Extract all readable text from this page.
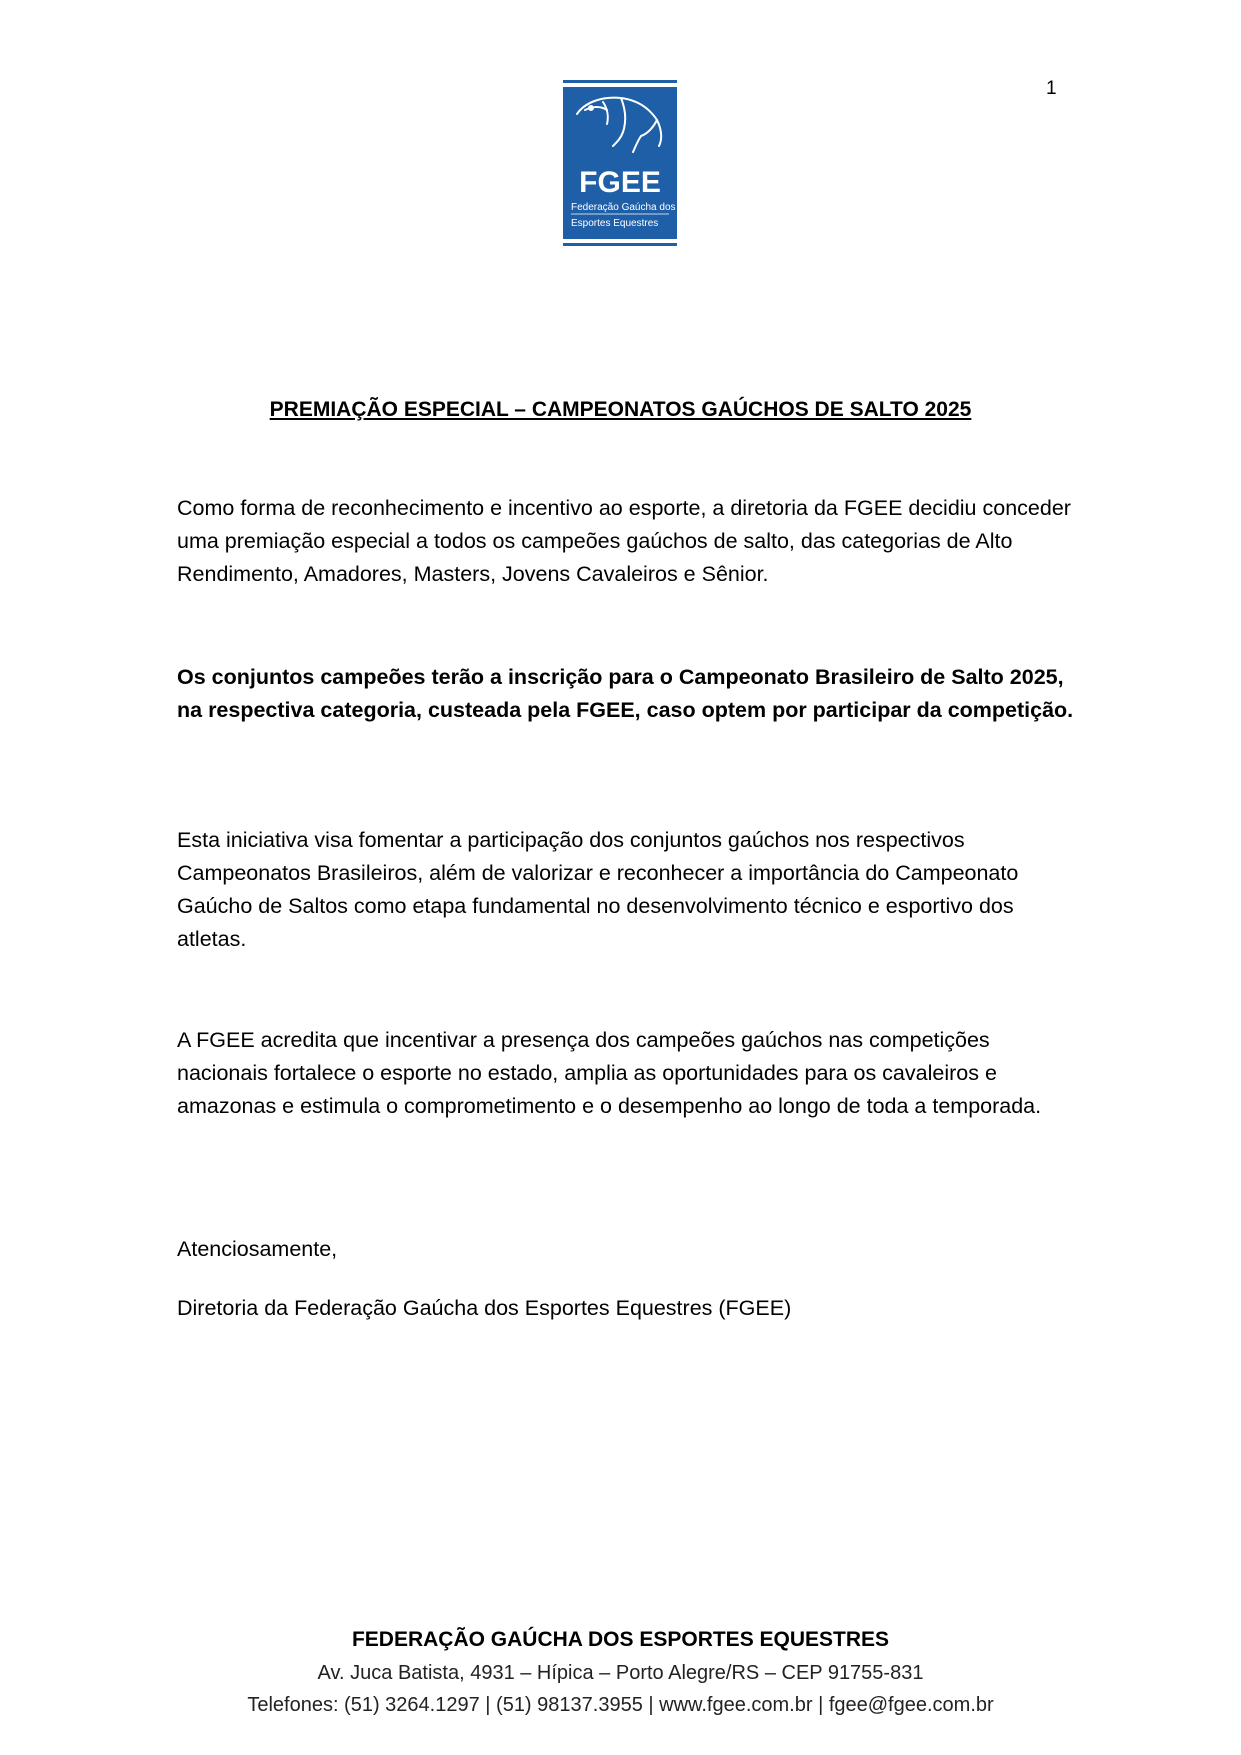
1
FGEE
Federação Gaúcha dos
Esportes Equestres
PREMIAÇÃO ESPECIAL – CAMPEONATOS GAÚCHOS DE SALTO 2025

Como forma de reconhecimento e incentivo ao esporte, a diretoria da FGEE decidiu conceder uma premiação especial a todos os campeões gaúchos de salto, das categorias de Alto Rendimento, Amadores, Masters, Jovens Cavaleiros e Sênior.

Os conjuntos campeões terão a inscrição para o Campeonato Brasileiro de Salto 2025, na respectiva categoria, custeada pela FGEE, caso optem por participar da competição.

Esta iniciativa visa fomentar a participação dos conjuntos gaúchos nos respectivos Campeonatos Brasileiros, além de valorizar e reconhecer a importância do Campeonato Gaúcho de Saltos como etapa fundamental no desenvolvimento técnico e esportivo dos atletas.

A FGEE acredita que incentivar a presença dos campeões gaúchos nas competições nacionais fortalece o esporte no estado, amplia as oportunidades para os cavaleiros e amazonas e estimula o comprometimento e o desempenho ao longo de toda a temporada.

Atenciosamente,

Diretoria da Federação Gaúcha dos Esportes Equestres (FGEE)

FEDERAÇÃO GAÚCHA DOS ESPORTES EQUESTRES
Av. Juca Batista, 4931 – Hípica – Porto Alegre/RS – CEP 91755-831
Telefones: (51) 3264.1297 | (51) 98137.3955 | www.fgee.com.br | fgee@fgee.com.br
